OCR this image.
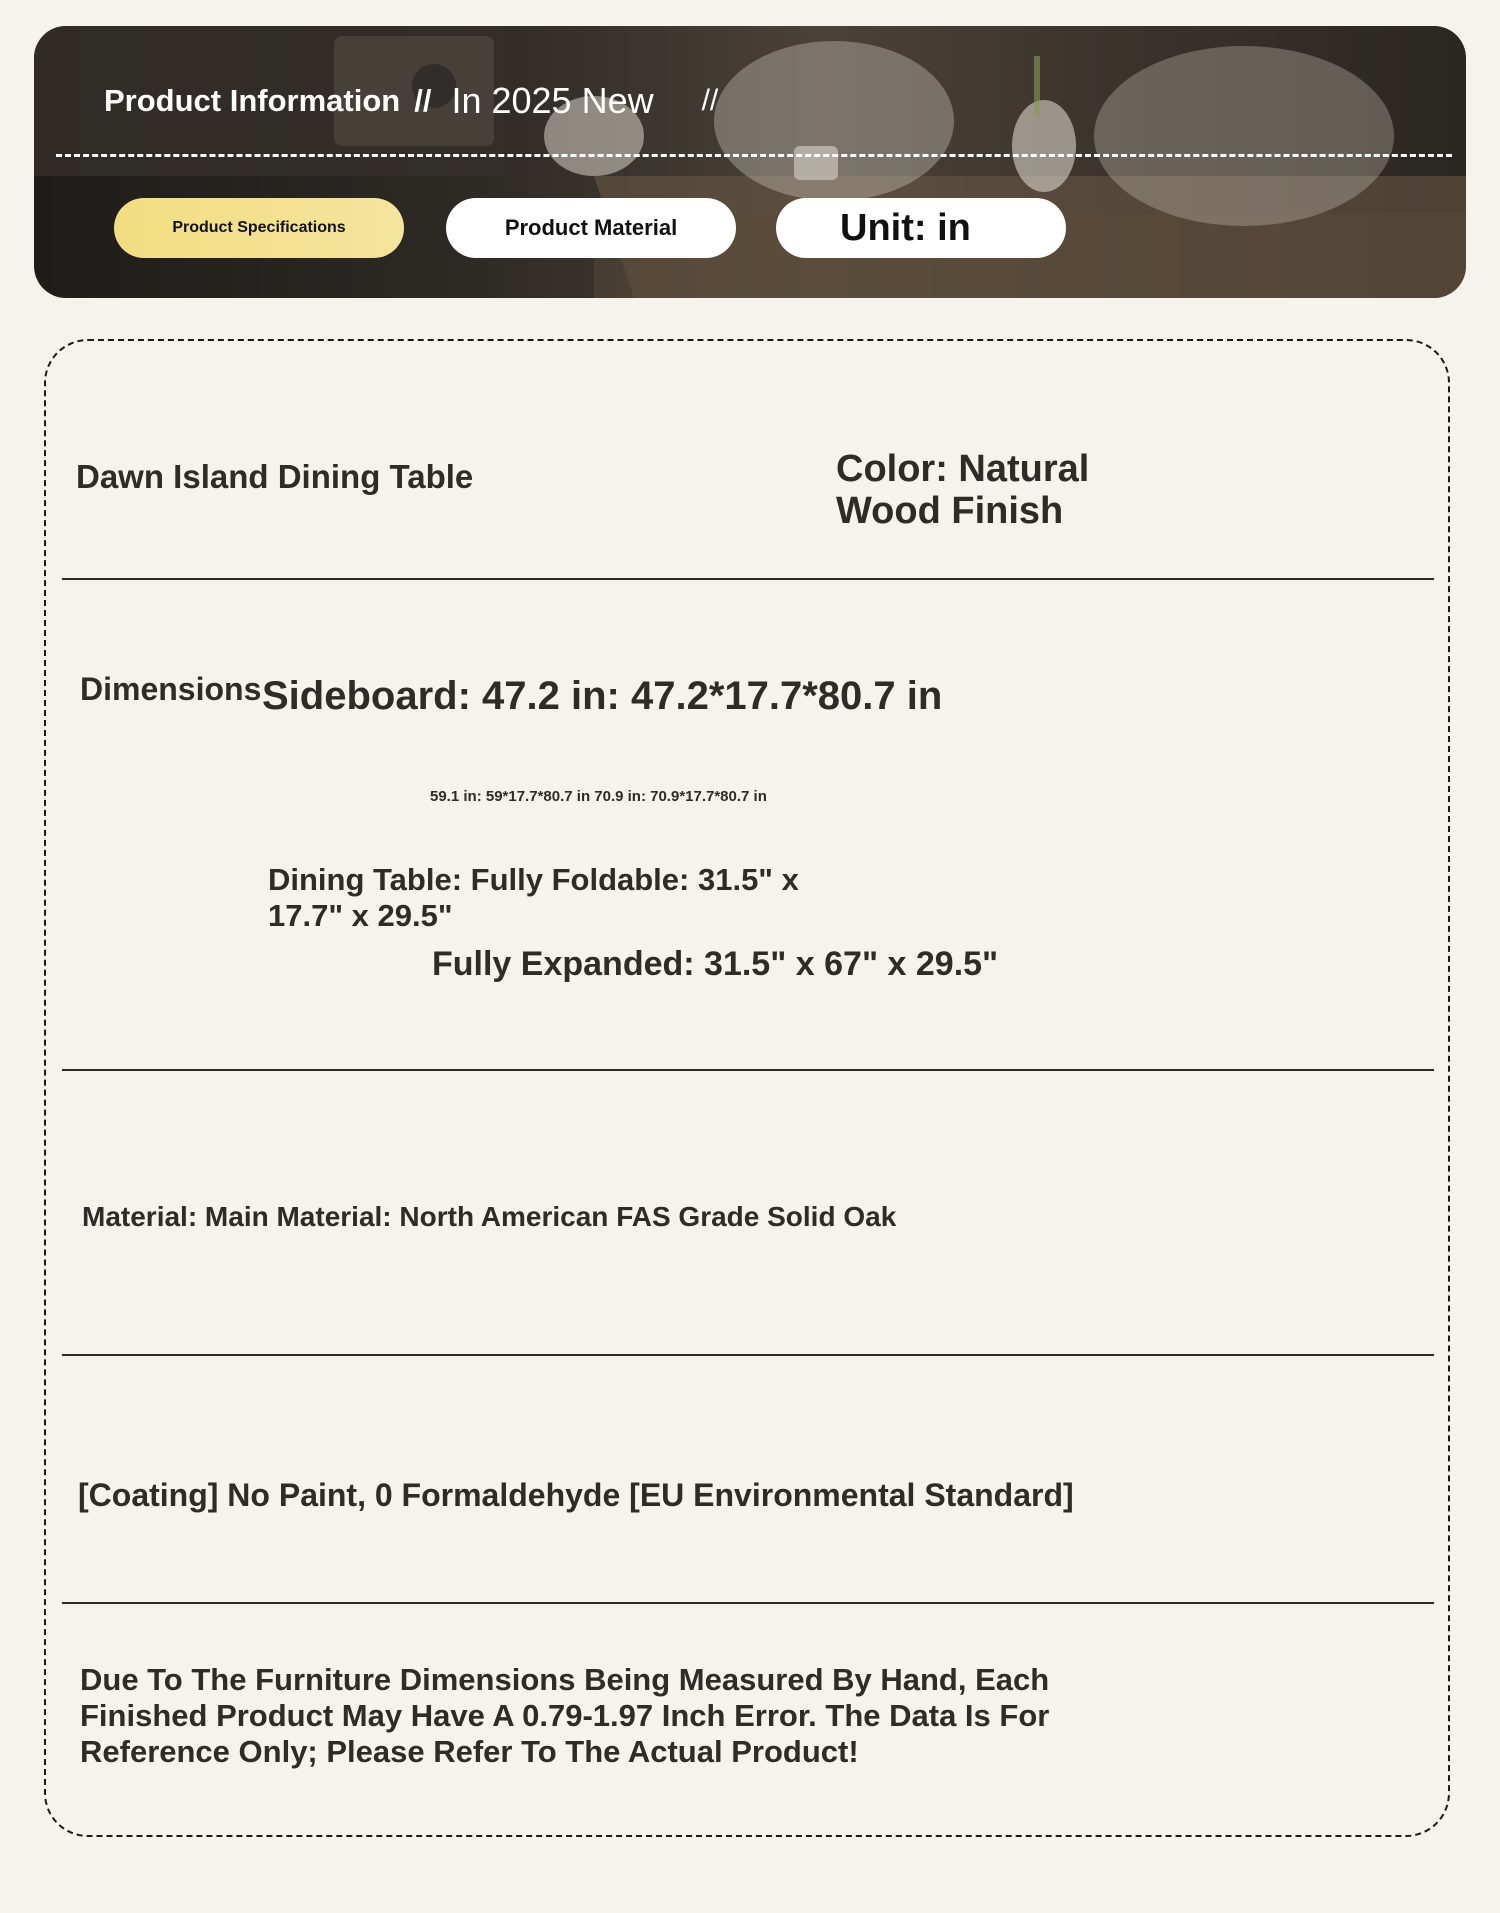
Product Information // In 2025 New //
Product Specifications	Product Material	Unit: in
Dawn Island Dining Table	Color: Natural Wood Finish
Dimensions Sideboard: 47.2 in: 47.2*17.7*80.7 in
59.1 in: 59*17.7*80.7 in 70.9 in: 70.9*17.7*80.7 in
Dining Table: Fully Foldable: 31.5" x 17.7" x 29.5"
Fully Expanded: 31.5" x 67" x 29.5"
Material: Main Material: North American FAS Grade Solid Oak
[Coating] No Paint, 0 Formaldehyde [EU Environmental Standard]
Due To The Furniture Dimensions Being Measured By Hand, Each Finished Product May Have A 0.79-1.97 Inch Error. The Data Is For Reference Only; Please Refer To The Actual Product!
